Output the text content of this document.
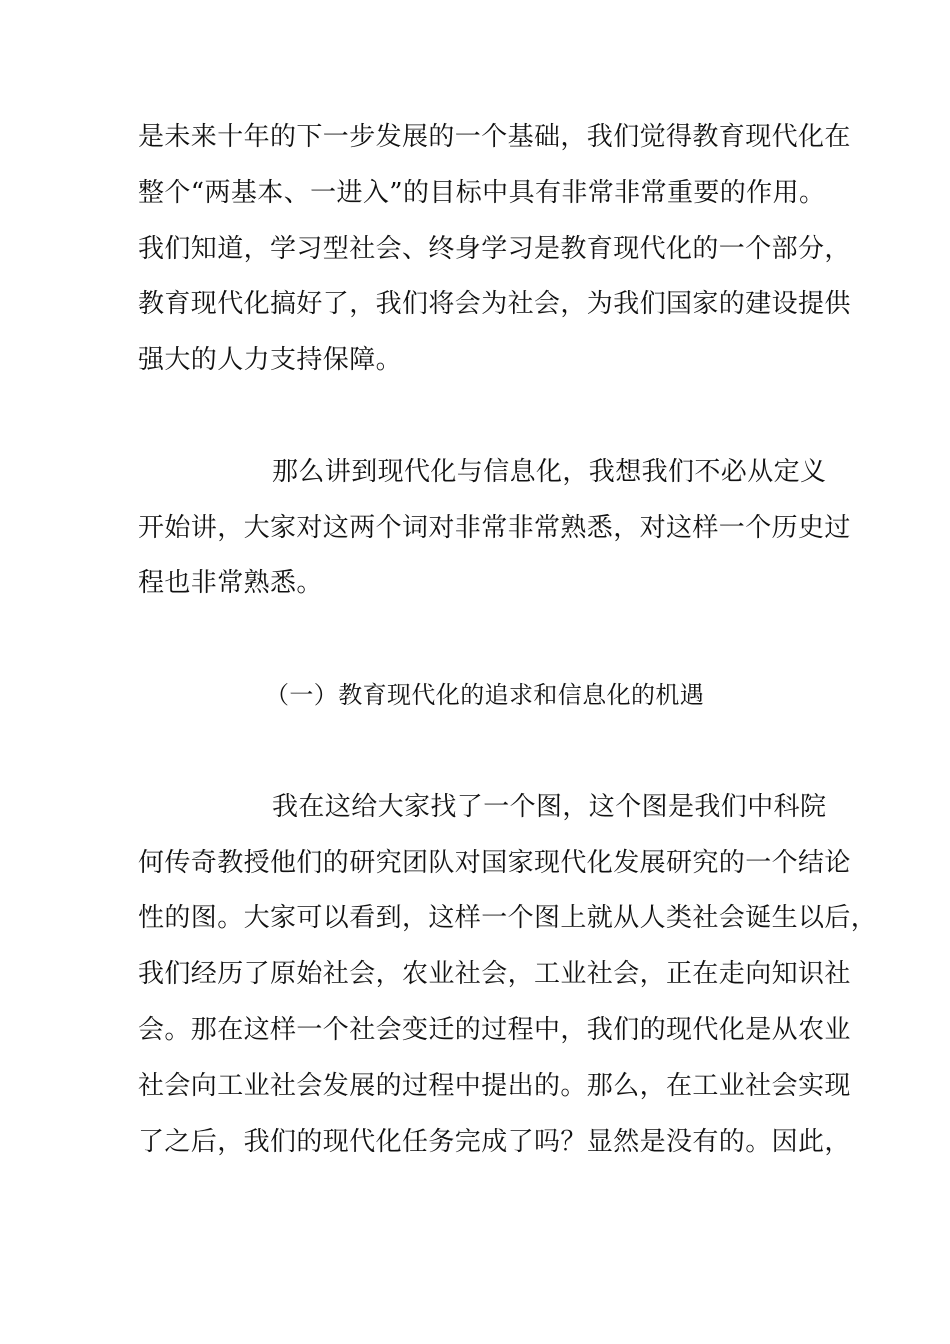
是未来十年的下一步发展的一个基础，我们觉得教育现代化在
整个“两基本、一进入”的目标中具有非常非常重要的作用。
我们知道，学习型社会、终身学习是教育现代化的一个部分，
教育现代化搞好了，我们将会为社会，为我们国家的建设提供
强大的人力支持保障。
那么讲到现代化与信息化，我想我们不必从定义
开始讲，大家对这两个词对非常非常熟悉，对这样一个历史过
程也非常熟悉。
（一）教育现代化的追求和信息化的机遇
我在这给大家找了一个图，这个图是我们中科院
何传奇教授他们的研究团队对国家现代化发展研究的一个结论
性的图。大家可以看到，这样一个图上就从人类社会诞生以后，
我们经历了原始社会，农业社会，工业社会，正在走向知识社
会。那在这样一个社会变迁的过程中，我们的现代化是从农业
社会向工业社会发展的过程中提出的。那么，在工业社会实现
了之后，我们的现代化任务完成了吗？显然是没有的。因此，
